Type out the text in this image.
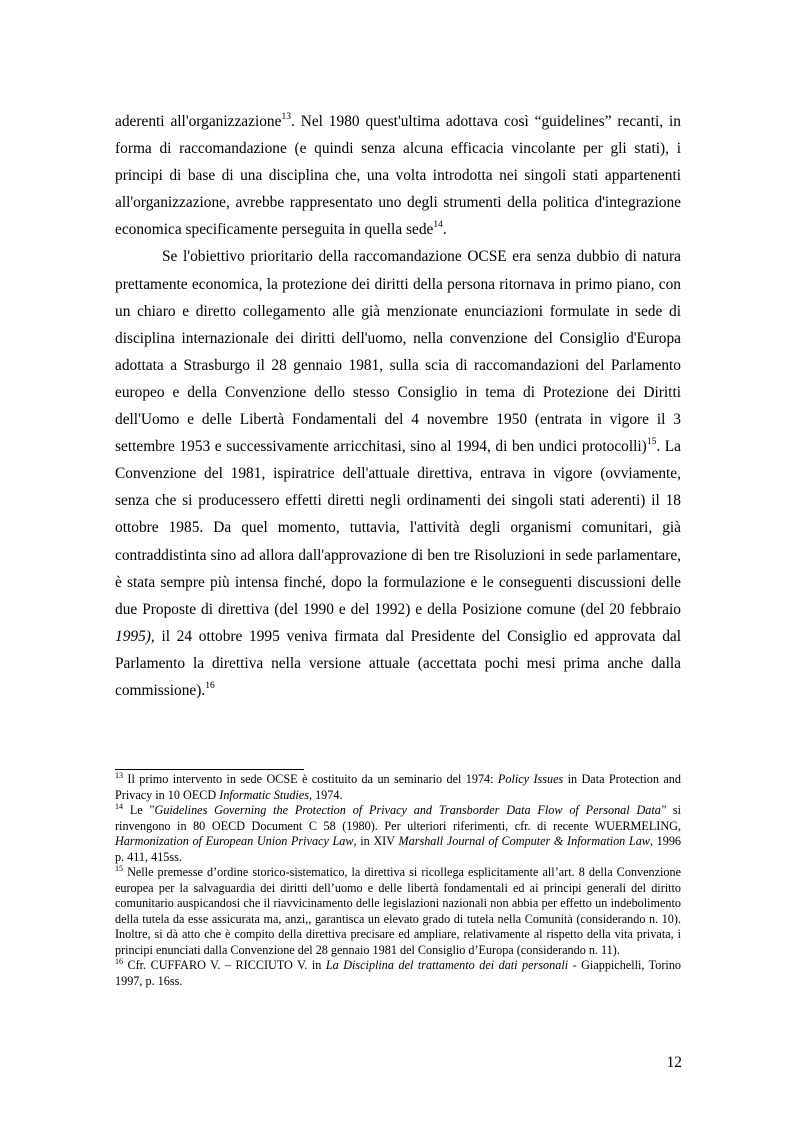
aderenti all'organizzazione$^{13}$. Nel 1980 quest'ultima adottava così “guidelines” recanti, in forma di raccomandazione (e quindi senza alcuna efficacia vincolante per gli stati), i principi di base di una disciplina che, una volta introdotta nei singoli stati appartenenti all'organizzazione, avrebbe rappresentato uno degli strumenti della politica d'integrazione economica specificamente perseguita in quella sede$^{14}$.

Se l'obiettivo prioritario della raccomandazione OCSE era senza dubbio di natura prettamente economica, la protezione dei diritti della persona ritornava in primo piano, con un chiaro e diretto collegamento alle già menzionate enunciazioni formulate in sede di disciplina internazionale dei diritti dell'uomo, nella convenzione del Consiglio d'Europa adottata a Strasburgo il 28 gennaio 1981, sulla scia di raccomandazioni del Parlamento europeo e della Convenzione dello stesso Consiglio in tema di Protezione dei Diritti dell'Uomo e delle Libertà Fondamentali del 4 novembre 1950 (entrata in vigore il 3 settembre 1953 e successivamente arricchitasi, sino al 1994, di ben undici protocolli)$^{15}$. La Convenzione del 1981, ispiratrice dell'attuale direttiva, entrava in vigore (ovviamente, senza che si producessero effetti diretti negli ordinamenti dei singoli stati aderenti) il 18 ottobre 1985. Da quel momento, tuttavia, l'attività degli organismi comunitari, già contraddistinta sino ad allora dall'approvazione di ben tre Risoluzioni in sede parlamentare, è stata sempre più intensa finché, dopo la formulazione e le conseguenti discussioni delle due Proposte di direttiva (del 1990 e del 1992) e della Posizione comune (del 20 febbraio 1995), il 24 ottobre 1995 veniva firmata dal Presidente del Consiglio ed approvata dal Parlamento la direttiva nella versione attuale (accettata pochi mesi prima anche dalla commissione).$^{16}$

$^{13}$ Il primo intervento in sede OCSE è costituito da un seminario del 1974: Policy Issues in Data Protection and Privacy in 10 OECD Informatic Studies, 1974.

$^{14}$ Le "Guidelines Governing the Protection of Privacy and Transborder Data Flow of Personal Data" si rinvengono in 80 OECD Document C 58 (1980). Per ulteriori riferimenti, cfr. di recente WUERMELING, Harmonization of European Union Privacy Law, in XIV Marshall Journal of Computer & Information Law, 1996 p. 411, 415ss.

$^{15}$ Nelle premesse d’ordine storico-sistematico, la direttiva si ricollega esplicitamente all’art. 8 della Convenzione europea per la salvaguardia dei diritti dell’uomo e delle libertà fondamentali ed ai principi generali del diritto comunitario auspicandosi che il riavvicinamento delle legislazioni nazionali non abbia per effetto un indebolimento della tutela da esse assicurata ma, anzi,, garantisca un elevato grado di tutela nella Comunità (considerando n. 10). Inoltre, si dà atto che è compito della direttiva precisare ed ampliare, relativamente al rispetto della vita privata, i principi enunciati dalla Convenzione del 28 gennaio 1981 del Consiglio d’Europa (considerando n. 11).

$^{16}$ Cfr. CUFFARO V. – RICCIUTO V. in La Disciplina del trattamento dei dati personali - Giappichelli, Torino 1997, p. 16ss.

12
